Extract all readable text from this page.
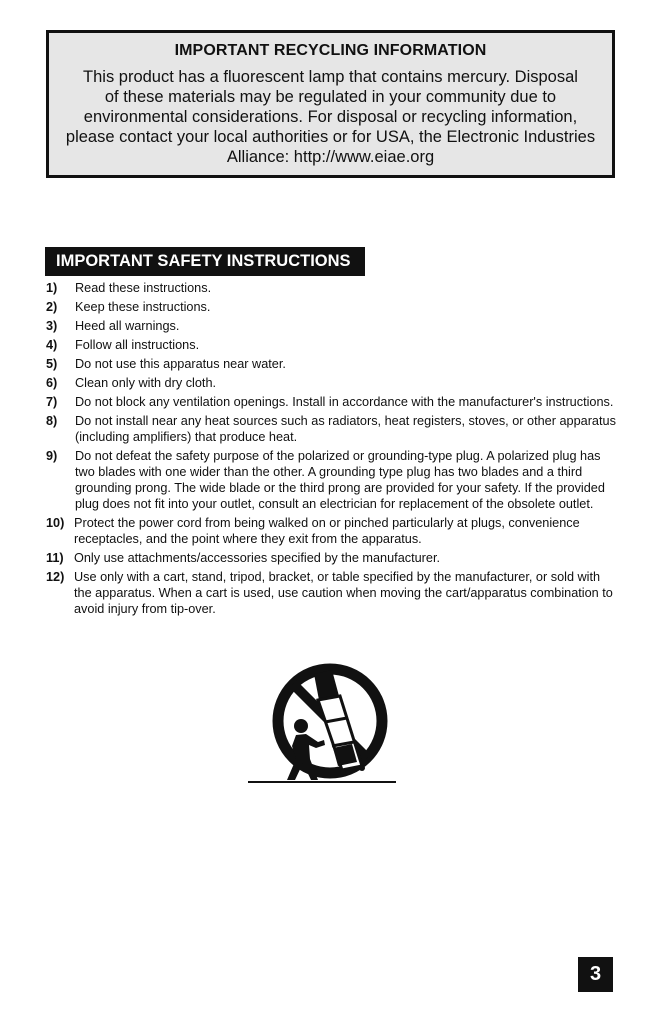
IMPORTANT RECYCLING INFORMATION
This product has a fluorescent lamp that contains mercury. Disposal
of these materials may be regulated in your community due to
environmental considerations. For disposal or recycling information,
please contact your local authorities or for USA, the Electronic Industries
Alliance: http://www.eiae.org
IMPORTANT SAFETY INSTRUCTIONS
1) Read these instructions.
2) Keep these instructions.
3) Heed all warnings.
4) Follow all instructions.
5) Do not use this apparatus near water.
6) Clean only with dry cloth.
7) Do not block any ventilation openings. Install in accordance with the manufacturer's instructions.
8) Do not install near any heat sources such as radiators, heat registers, stoves, or other apparatus (including amplifiers) that produce heat.
9) Do not defeat the safety purpose of the polarized or grounding-type plug. A polarized plug has two blades with one wider than the other. A grounding type plug has two blades and a third grounding prong. The wide blade or the third prong are provided for your safety. If the provided plug does not fit into your outlet, consult an electrician for replacement of the obsolete outlet.
10) Protect the power cord from being walked on or pinched particularly at plugs, convenience receptacles, and the point where they exit from the apparatus.
11) Only use attachments/accessories specified by the manufacturer.
12) Use only with a cart, stand, tripod, bracket, or table specified by the manufacturer, or sold with the apparatus. When a cart is used, use caution when moving the cart/apparatus combination to avoid injury from tip-over.
3
